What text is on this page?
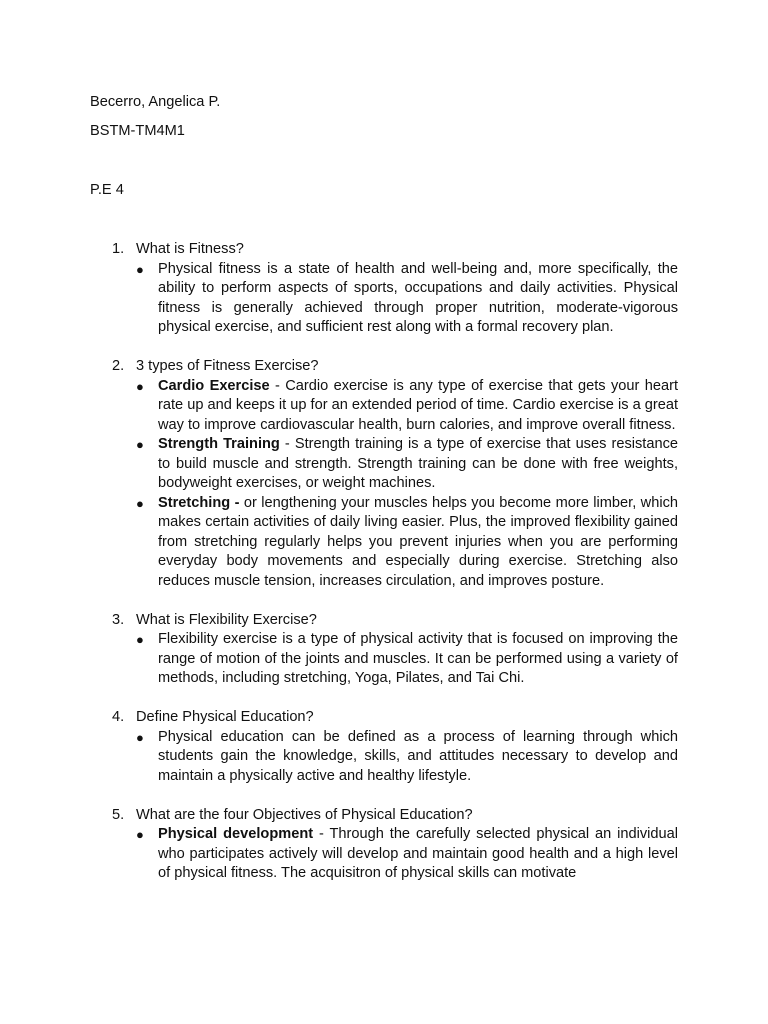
Becerro, Angelica P.
BSTM-TM4M1
P.E 4
1. What is Fitness?
● Physical fitness is a state of health and well-being and, more specifically, the ability to perform aspects of sports, occupations and daily activities. Physical fitness is generally achieved through proper nutrition, moderate-vigorous physical exercise, and sufficient rest along with a formal recovery plan.
2. 3 types of Fitness Exercise?
● Cardio Exercise - Cardio exercise is any type of exercise that gets your heart rate up and keeps it up for an extended period of time. Cardio exercise is a great way to improve cardiovascular health, burn calories, and improve overall fitness.
● Strength Training - Strength training is a type of exercise that uses resistance to build muscle and strength. Strength training can be done with free weights, bodyweight exercises, or weight machines.
● Stretching - or lengthening your muscles helps you become more limber, which makes certain activities of daily living easier. Plus, the improved flexibility gained from stretching regularly helps you prevent injuries when you are performing everyday body movements and especially during exercise. Stretching also reduces muscle tension, increases circulation, and improves posture.
3. What is Flexibility Exercise?
● Flexibility exercise is a type of physical activity that is focused on improving the range of motion of the joints and muscles. It can be performed using a variety of methods, including stretching, Yoga, Pilates, and Tai Chi.
4. Define Physical Education?
● Physical education can be defined as a process of learning through which students gain the knowledge, skills, and attitudes necessary to develop and maintain a physically active and healthy lifestyle.
5. What are the four Objectives of Physical Education?
● Physical development - Through the carefully selected physical an individual who participates actively will develop and maintain good health and a high level of physical fitness. The acquisitron of physical skills can motivate
